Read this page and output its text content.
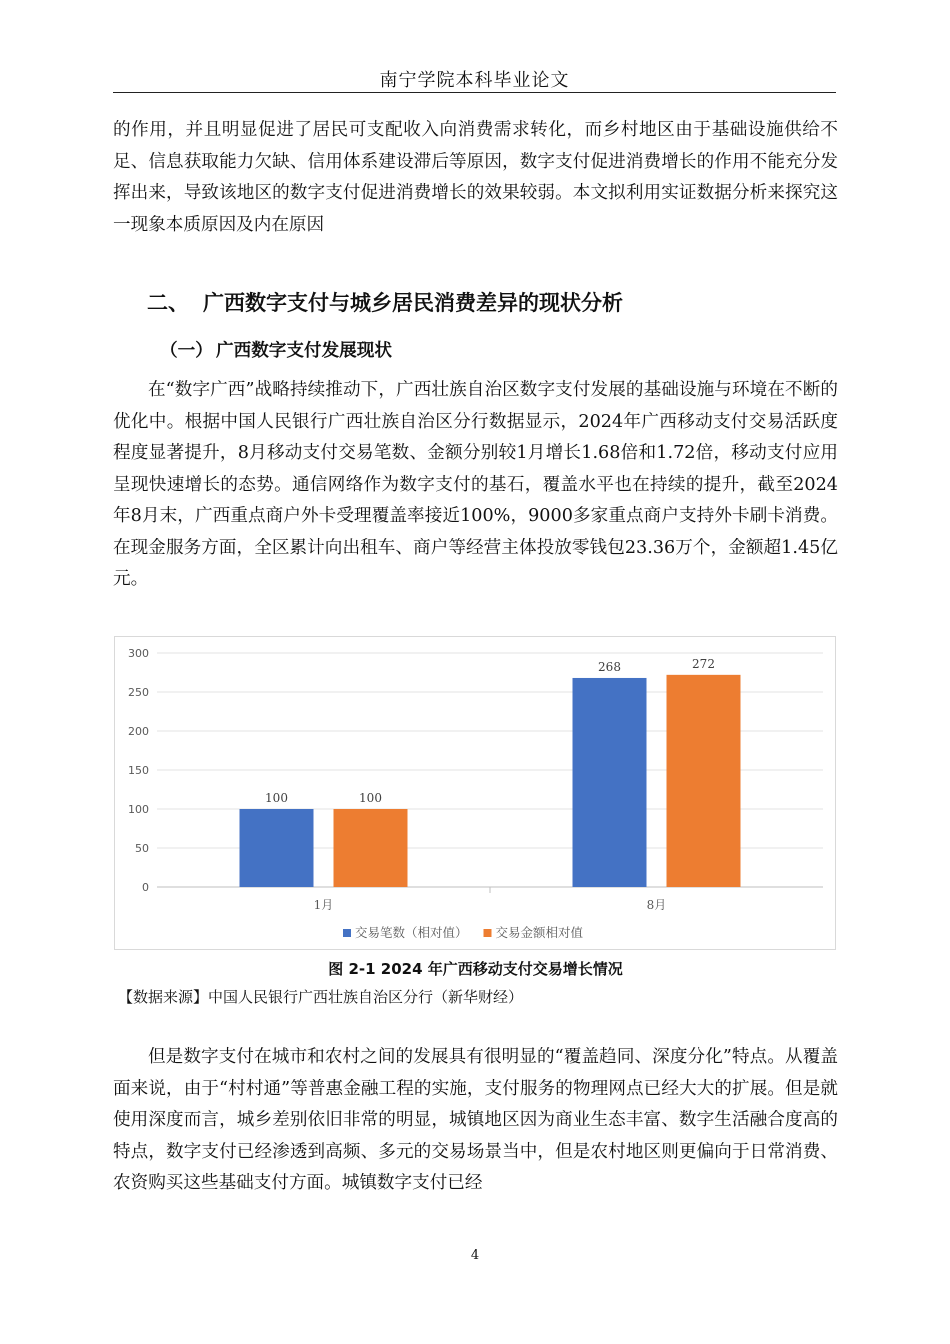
南宁学院本科毕业论文

的作用，并且明显促进了居民可支配收入向消费需求转化，而乡村地区由于基础设施供给不足、信息获取能力欠缺、信用体系建设滞后等原因，数字支付促进消费增长的作用不能充分发挥出来，导致该地区的数字支付促进消费增长的效果较弱。本文拟利用实证数据分析来探究这一现象本质原因及内在原因

二、 广西数字支付与城乡居民消费差异的现状分析
（一） 广西数字支付发展现状

在“数字广西”战略持续推动下，广西壮族自治区数字支付发展的基础设施与环境在不断的优化中。根据中国人民银行广西壮族自治区分行数据显示，2024年广西移动支付交易活跃度程度显著提升，8月移动支付交易笔数、金额分别较1月增长1.68倍和1.72倍，移动支付应用呈现快速增长的态势。通信网络作为数字支付的基石，覆盖水平也在持续的提升，截至2024年8月末，广西重点商户外卡受理覆盖率接近100%，9000多家重点商户支持外卡刷卡消费。在现金服务方面，全区累计向出租车、商户等经营主体投放零钱包23.36万个，金额超1.45亿元。

0
50
100
150
200
250
300
100	100
1月
268	272
8月
交易笔数（相对值） 交易金额相对值
图 2-1 2024 年广西移动支付交易增长情况
【数据来源】中国人民银行广西壮族自治区分行（新华财经）

但是数字支付在城市和农村之间的发展具有很明显的“覆盖趋同、深度分化”特点。从覆盖面来说，由于“村村通”等普惠金融工程的实施，支付服务的物理网点已经大大的扩展。但是就使用深度而言，城乡差别依旧非常的明显，城镇地区因为商业生态丰富、数字生活融合度高的特点，数字支付已经渗透到高频、多元的交易场景当中，但是农村地区则更偏向于日常消费、农资购买这些基础支付方面。城镇数字支付已经

4
